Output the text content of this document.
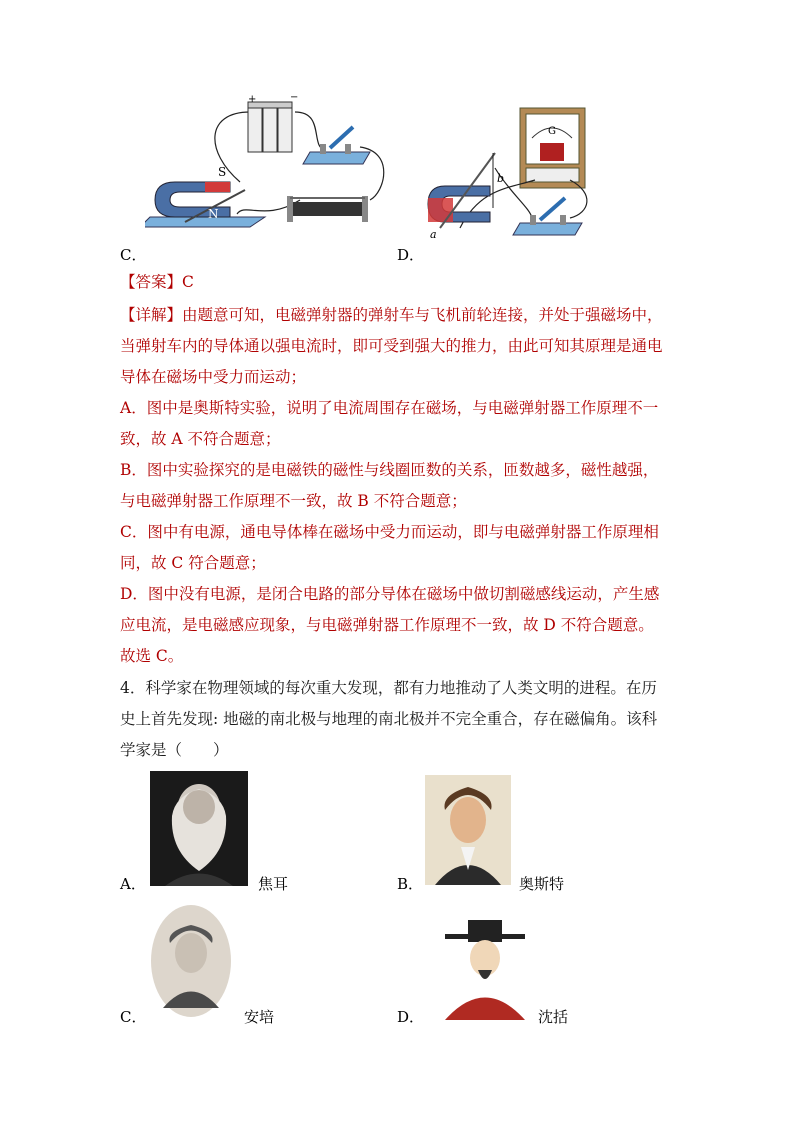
+	−
S
N
C．
G
b
a
D．
【答案】C
【详解】由题意可知，电磁弹射器的弹射车与飞机前轮连接，并处于强磁场中，
当弹射车内的导体通以强电流时，即可受到强大的推力，由此可知其原理是通电
导体在磁场中受力而运动；
A．图中是奥斯特实验，说明了电流周围存在磁场，与电磁弹射器工作原理不一
致，故 A 不符合题意；
B．图中实验探究的是电磁铁的磁性与线圈匝数的关系，匝数越多，磁性越强，
与电磁弹射器工作原理不一致，故 B 不符合题意；
C．图中有电源，通电导体棒在磁场中受力而运动，即与电磁弹射器工作原理相
同，故 C 符合题意；
D．图中没有电源，是闭合电路的部分导体在磁场中做切割磁感线运动，产生感
应电流，是电磁感应现象，与电磁弹射器工作原理不一致，故 D 不符合题意。
故选 C。
4．科学家在物理领域的每次重大发现，都有力地推动了人类文明的进程。在历
史上首先发现: 地磁的南北极与地理的南北极并不完全重合，存在磁偏角。该科
学家是（　　）
A．	焦耳	B．	奥斯特
C．	安培	D．	沈括
